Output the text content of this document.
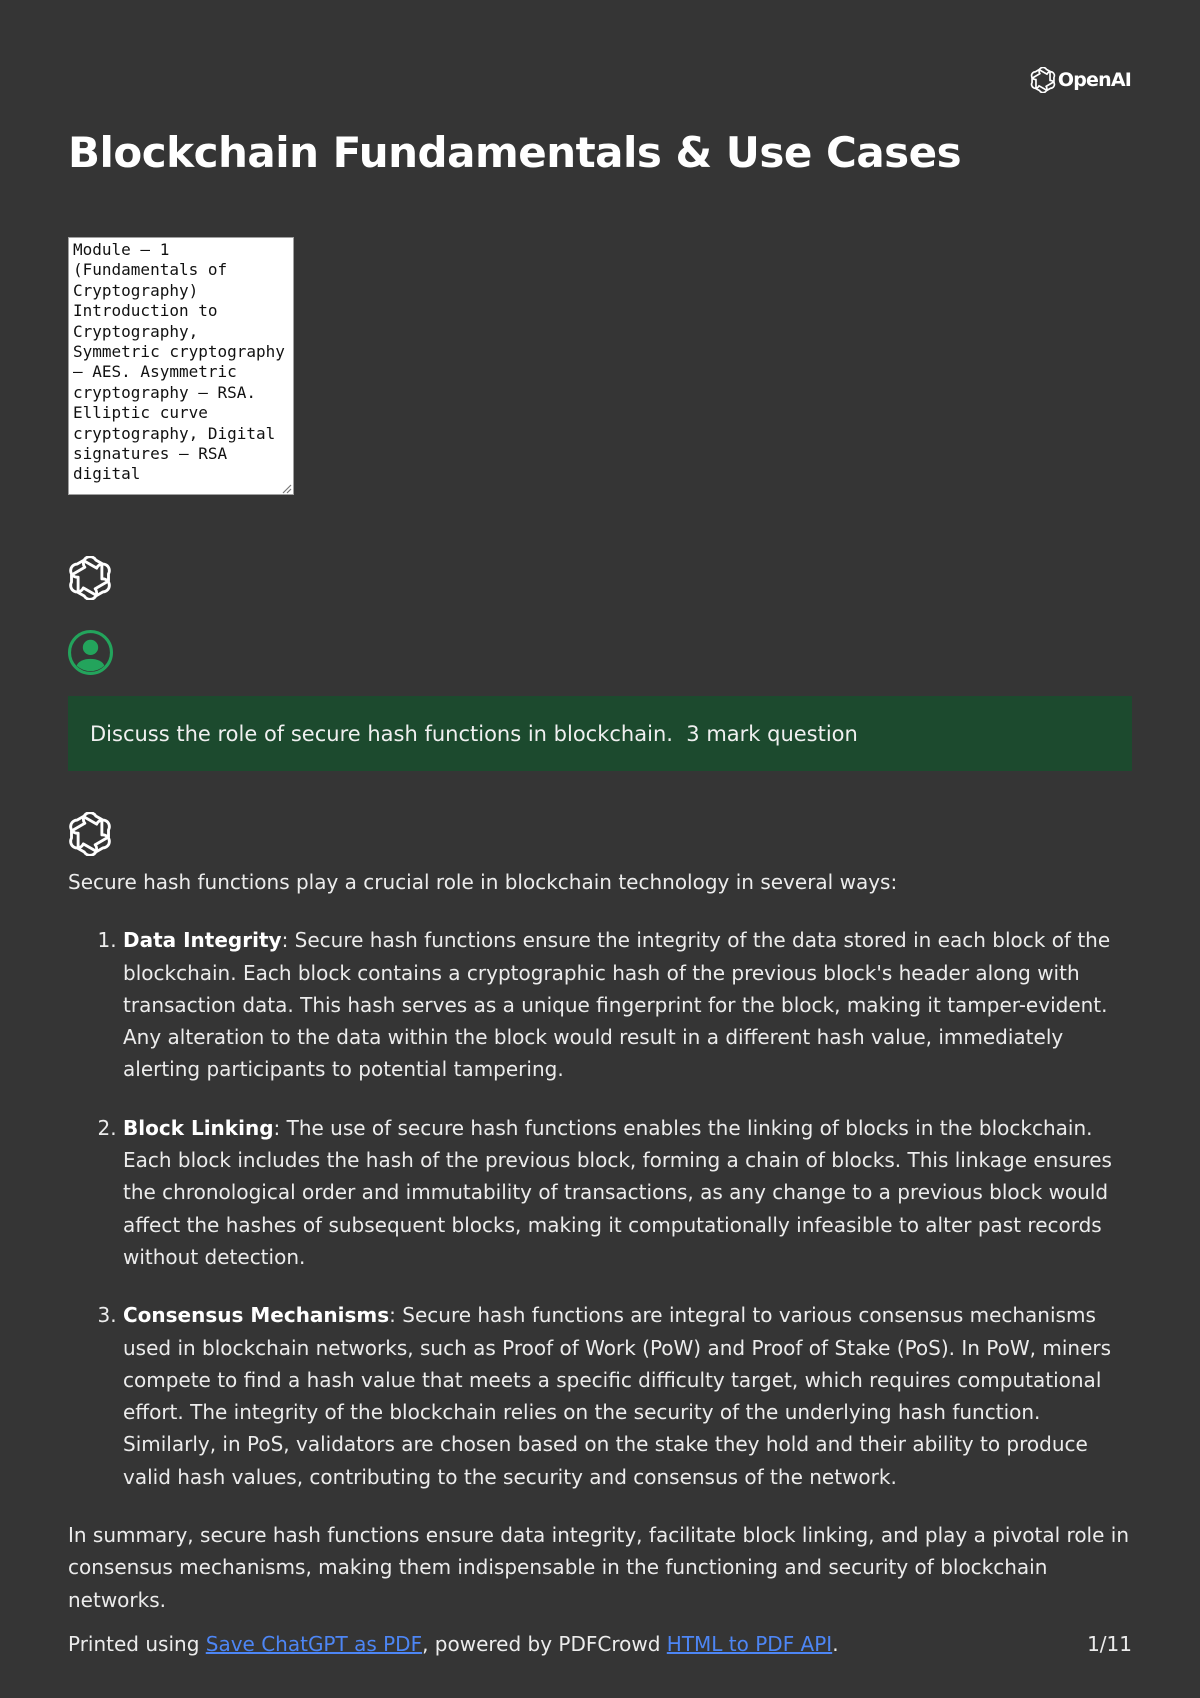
OpenAI
Blockchain Fundamentals & Use Cases
Module – 1 (Fundamentals of Cryptography) Introduction to Cryptography, Symmetric cryptography – AES. Asymmetric cryptography – RSA. Elliptic curve cryptography, Digital signatures – RSA digital
Discuss the role of secure hash functions in blockchain.  3 mark question

Secure hash functions play a crucial role in blockchain technology in several ways:

1. Data Integrity: Secure hash functions ensure the integrity of the data stored in each block of the blockchain. Each block contains a cryptographic hash of the previous block's header along with transaction data. This hash serves as a unique fingerprint for the block, making it tamper-evident. Any alteration to the data within the block would result in a different hash value, immediately alerting participants to potential tampering.
2. Block Linking: The use of secure hash functions enables the linking of blocks in the blockchain. Each block includes the hash of the previous block, forming a chain of blocks. This linkage ensures the chronological order and immutability of transactions, as any change to a previous block would affect the hashes of subsequent blocks, making it computationally infeasible to alter past records without detection.
3. Consensus Mechanisms: Secure hash functions are integral to various consensus mechanisms used in blockchain networks, such as Proof of Work (PoW) and Proof of Stake (PoS). In PoW, miners compete to find a hash value that meets a specific difficulty target, which requires computational effort. The integrity of the blockchain relies on the security of the underlying hash function. Similarly, in PoS, validators are chosen based on the stake they hold and their ability to produce valid hash values, contributing to the security and consensus of the network.

In summary, secure hash functions ensure data integrity, facilitate block linking, and play a pivotal role in consensus mechanisms, making them indispensable in the functioning and security of blockchain networks.

Printed using Save ChatGPT as PDF, powered by PDFCrowd HTML to PDF API.	1/11
